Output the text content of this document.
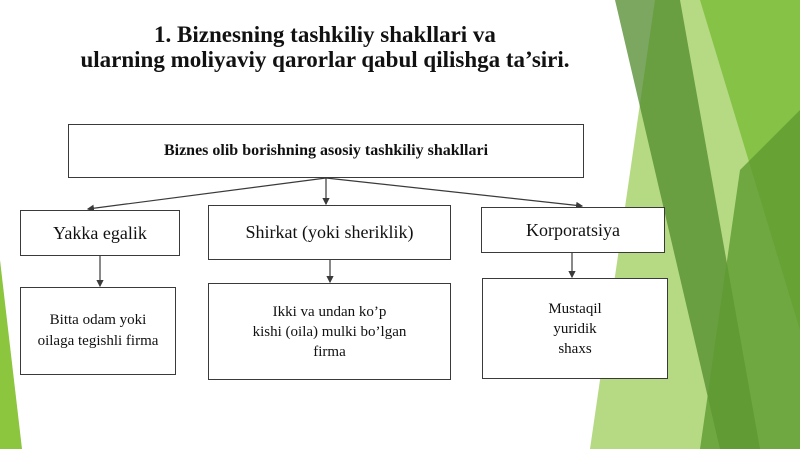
1. Biznesning tashkiliy shakllari va
ularning moliyaviy qarorlar qabul qilishga ta’siri.
Biznes olib borishning asosiy tashkiliy shakllari
Yakka egalik	Shirkat (yoki sheriklik)	Korporatsiya
Bitta odam yoki
oilaga tegishli firma
Ikki va undan ko’p
kishi (oila) mulki bo’lgan
firma
Mustaqil
yuridik
shaxs
